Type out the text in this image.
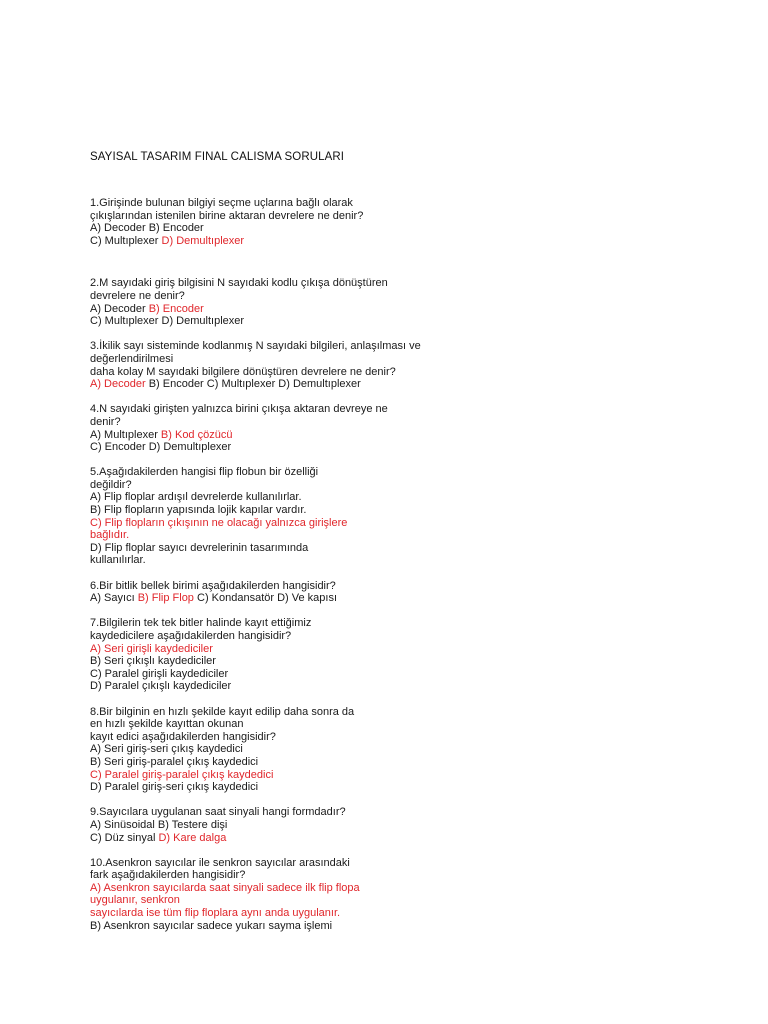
SAYISAL TASARIM FINAL CALISMA SORULARI
1.Girişinde bulunan bilgiyi seçme uçlarına bağlı olarak
çıkışlarından istenilen birine aktaran devrelere ne denir?
A) Decoder B) Encoder
C) Multıplexer D) Demultıplexer
2.M sayıdaki giriş bilgisini N sayıdaki kodlu çıkışa dönüştüren
devrelere ne denir?
A) Decoder B) Encoder
C) Multıplexer D) Demultıplexer
3.İkilik sayı sisteminde kodlanmış N sayıdaki bilgileri, anlaşılması ve
değerlendirilmesi
daha kolay M sayıdaki bilgilere dönüştüren devrelere ne denir?
A) Decoder B) Encoder C) Multıplexer D) Demultıplexer
4.N sayıdaki girişten yalnızca birini çıkışa aktaran devreye ne
denir?
A) Multıplexer B) Kod çözücü
C) Encoder D) Demultıplexer
5.Aşağıdakilerden hangisi flip flobun bir özelliği
değildir?
A) Flip floplar ardışıl devrelerde kullanılırlar.
B) Flip flopların yapısında lojik kapılar vardır.
C) Flip flopların çıkışının ne olacağı yalnızca girişlere
bağlıdır.
D) Flip floplar sayıcı devrelerinin tasarımında
kullanılırlar.
6.Bir bitlik bellek birimi aşağıdakilerden hangisidir?
A) Sayıcı B) Flip Flop C) Kondansatör D) Ve kapısı
7.Bilgilerin tek tek bitler halinde kayıt ettiğimiz
kaydedicilere aşağıdakilerden hangisidir?
A) Seri girişli kaydediciler
B) Seri çıkışlı kaydediciler
C) Paralel girişli kaydediciler
D) Paralel çıkışlı kaydediciler
8.Bir bilginin en hızlı şekilde kayıt edilip daha sonra da
en hızlı şekilde kayıttan okunan
kayıt edici aşağıdakilerden hangisidir?
A) Seri giriş-seri çıkış kaydedici
B) Seri giriş-paralel çıkış kaydedici
C) Paralel giriş-paralel çıkış kaydedici
D) Paralel giriş-seri çıkış kaydedici
9.Sayıcılara uygulanan saat sinyali hangi formdadır?
A) Sinüsoidal B) Testere dişi
C) Düz sinyal D) Kare dalga
10.Asenkron sayıcılar ile senkron sayıcılar arasındaki
fark aşağıdakilerden hangisidir?
A) Asenkron sayıcılarda saat sinyali sadece ilk flip flopa
uygulanır, senkron
sayıcılarda ise tüm flip floplara aynı anda uygulanır.
B) Asenkron sayıcılar sadece yukarı sayma işlemi
